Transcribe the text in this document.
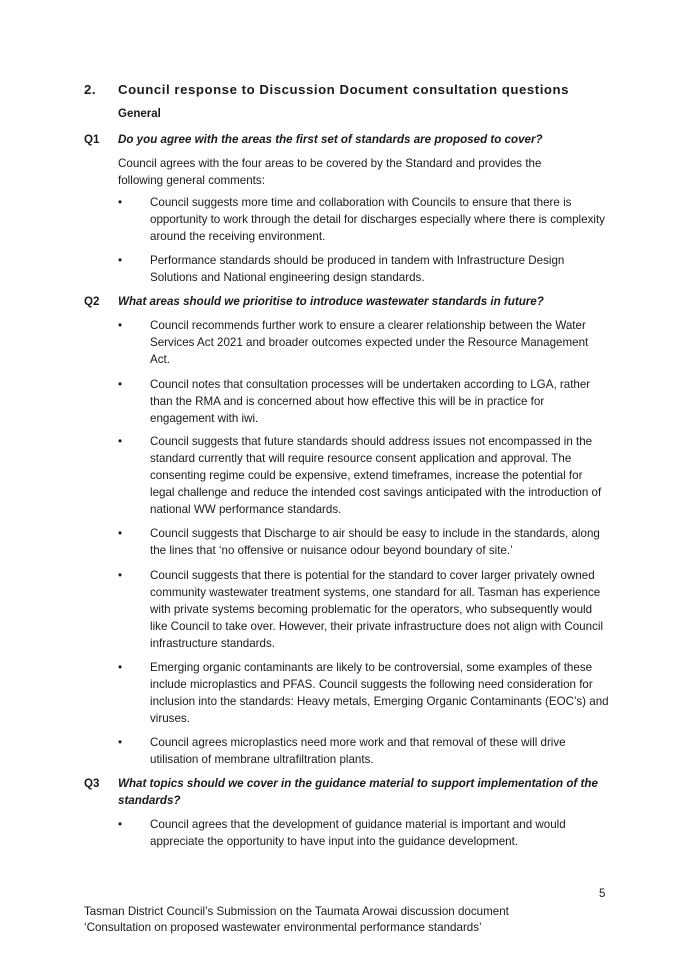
2. Council response to Discussion Document consultation questions
General
Q1 Do you agree with the areas the first set of standards are proposed to cover?
Council agrees with the four areas to be covered by the Standard and provides the following general comments:
•	Council suggests more time and collaboration with Councils to ensure that there is opportunity to work through the detail for discharges especially where there is complexity around the receiving environment.
•	Performance standards should be produced in tandem with Infrastructure Design Solutions and National engineering design standards.
Q2 What areas should we prioritise to introduce wastewater standards in future?
•	Council recommends further work to ensure a clearer relationship between the Water Services Act 2021 and broader outcomes expected under the Resource Management Act.
•	Council notes that consultation processes will be undertaken according to LGA, rather than the RMA and is concerned about how effective this will be in practice for engagement with iwi.
•	Council suggests that future standards should address issues not encompassed in the standard currently that will require resource consent application and approval. The consenting regime could be expensive, extend timeframes, increase the potential for legal challenge and reduce the intended cost savings anticipated with the introduction of national WW performance standards.
•	Council suggests that Discharge to air should be easy to include in the standards, along the lines that ‘no offensive or nuisance odour beyond boundary of site.’
•	Council suggests that there is potential for the standard to cover larger privately owned community wastewater treatment systems, one standard for all. Tasman has experience with private systems becoming problematic for the operators, who subsequently would like Council to take over. However, their private infrastructure does not align with Council infrastructure standards.
•	Emerging organic contaminants are likely to be controversial, some examples of these include microplastics and PFAS. Council suggests the following need consideration for inclusion into the standards: Heavy metals, Emerging Organic Contaminants (EOC’s) and viruses.
•	Council agrees microplastics need more work and that removal of these will drive utilisation of membrane ultrafiltration plants.
Q3 What topics should we cover in the guidance material to support implementation of the standards?
•	Council agrees that the development of guidance material is important and would appreciate the opportunity to have input into the guidance development.
5
Tasman District Council’s Submission on the Taumata Arowai discussion document
‘Consultation on proposed wastewater environmental performance standards’
